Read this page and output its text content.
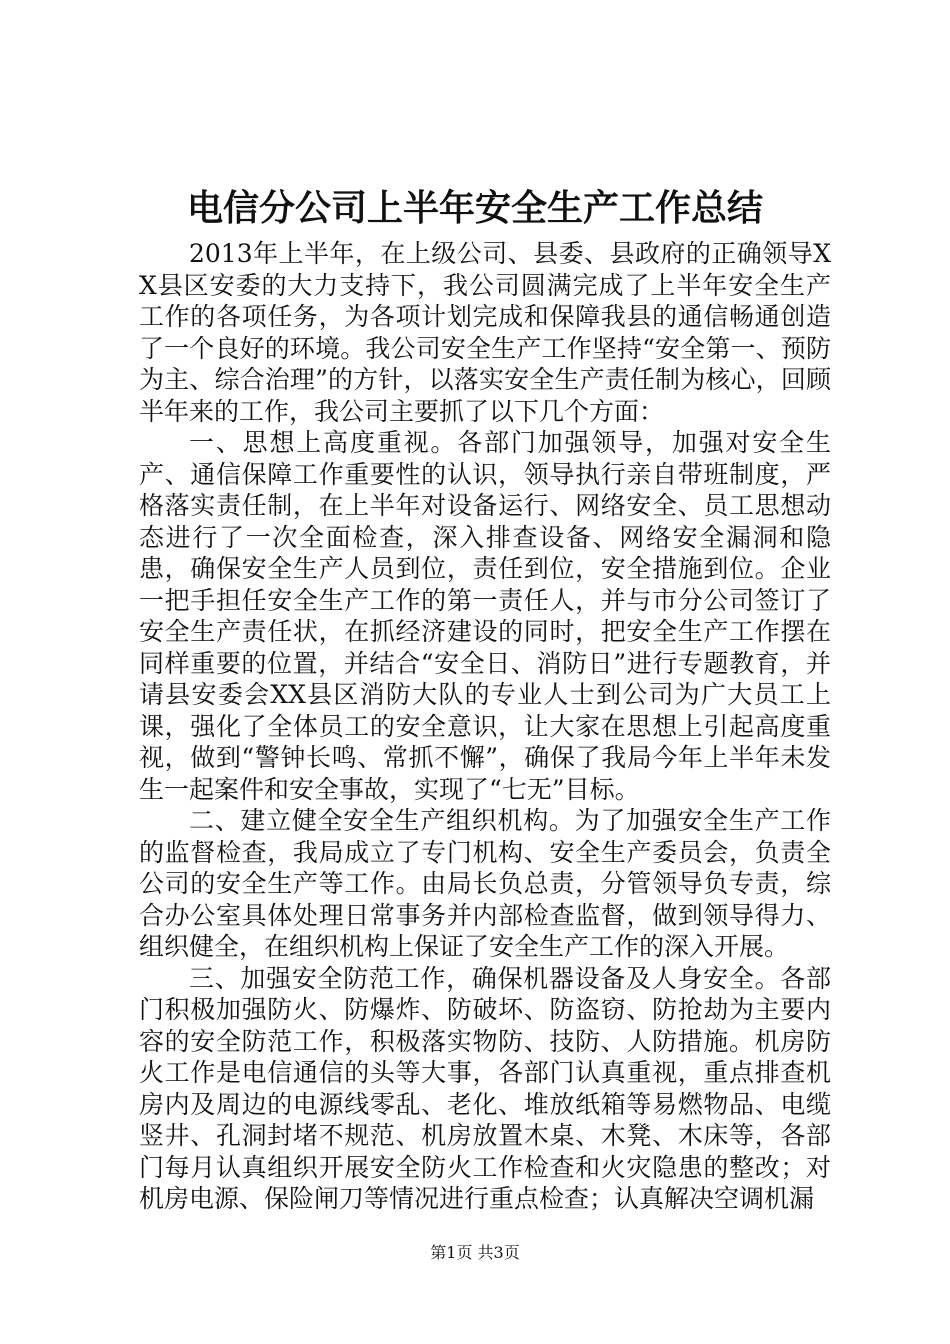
电信分公司上半年安全生产工作总结

2013年上半年，在上级公司、县委、县政府的正确领导XX县区安委的大力支持下，我公司圆满完成了上半年安全生产工作的各项任务，为各项计划完成和保障我县的通信畅通创造了一个良好的环境。我公司安全生产工作坚持“安全第一、预防为主、综合治理”的方针，以落实安全生产责任制为核心，回顾半年来的工作，我公司主要抓了以下几个方面：

一、思想上高度重视。各部门加强领导，加强对安全生产、通信保障工作重要性的认识，领导执行亲自带班制度，严格落实责任制，在上半年对设备运行、网络安全、员工思想动态进行了一次全面检查，深入排查设备、网络安全漏洞和隐患，确保安全生产人员到位，责任到位，安全措施到位。企业一把手担任安全生产工作的第一责任人，并与市分公司签订了安全生产责任状，在抓经济建设的同时，把安全生产工作摆在同样重要的位置，并结合“安全日、消防日”进行专题教育，并请县安委会XX县区消防大队的专业人士到公司为广大员工上课，强化了全体员工的安全意识，让大家在思想上引起高度重视，做到“警钟长鸣、常抓不懈”，确保了我局今年上半年未发生一起案件和安全事故，实现了“七无”目标。

二、建立健全安全生产组织机构。为了加强安全生产工作的监督检查，我局成立了专门机构、安全生产委员会，负责全公司的安全生产等工作。由局长负总责，分管领导负专责，综合办公室具体处理日常事务并内部检查监督，做到领导得力、组织健全，在组织机构上保证了安全生产工作的深入开展。

三、加强安全防范工作，确保机器设备及人身安全。各部门积极加强防火、防爆炸、防破坏、防盗窃、防抢劫为主要内容的安全防范工作，积极落实物防、技防、人防措施。机房防火工作是电信通信的头等大事，各部门认真重视，重点排查机房内及周边的电源线零乱、老化、堆放纸箱等易燃物品、电缆竖井、孔洞封堵不规范、机房放置木桌、木凳、木床等，各部门每月认真组织开展安全防火工作检查和火灾隐患的整改；对机房电源、保险闸刀等情况进行重点检查；认真解决空调机漏

第1页 共3页
